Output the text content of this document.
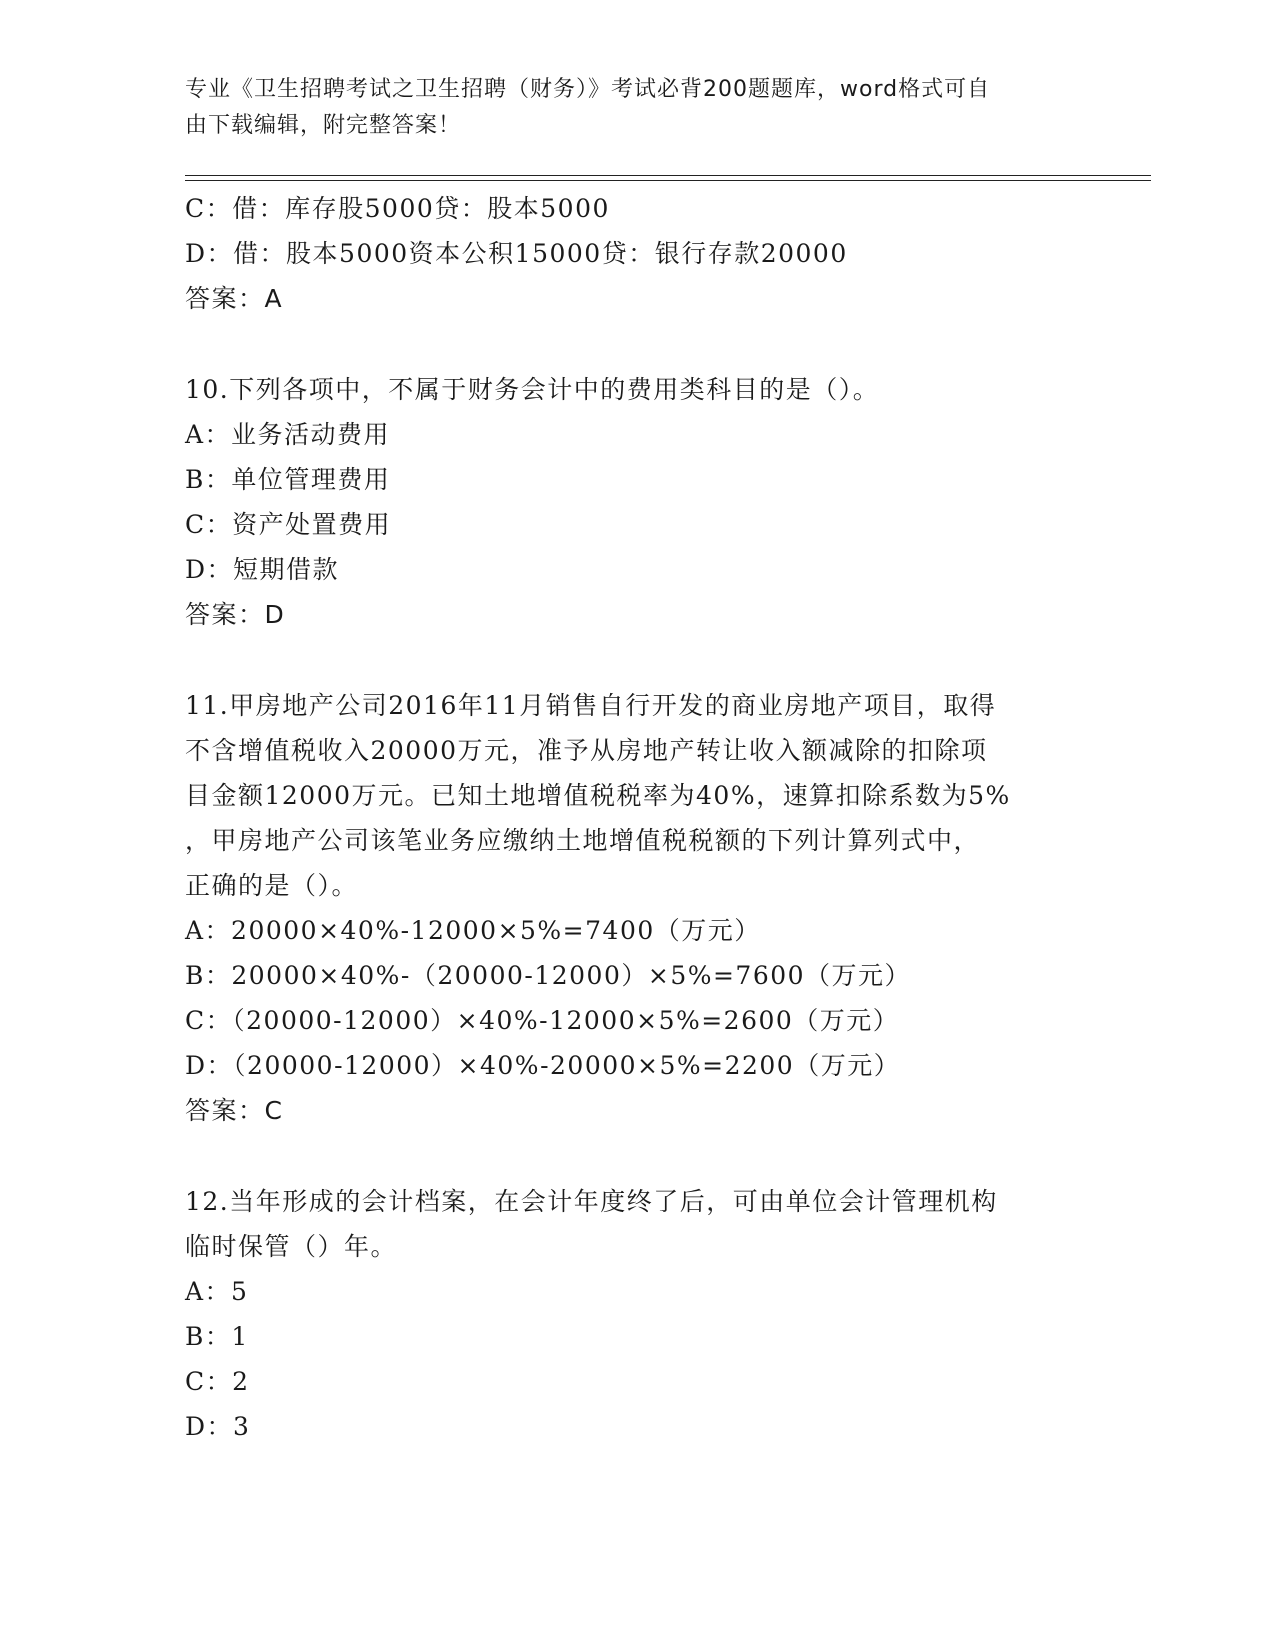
专业《卫生招聘考试之卫生招聘（财务）》考试必背200题题库，word格式可自
由下载编辑，附完整答案！
C：借：库存股5000贷：股本5000
D：借：股本5000资本公积15000贷：银行存款20000
答案：A
10.下列各项中，不属于财务会计中的费用类科目的是（）。
A：业务活动费用
B：单位管理费用
C：资产处置费用
D：短期借款
答案：D
11.甲房地产公司2016年11月销售自行开发的商业房地产项目，取得
不含增值税收入20000万元，准予从房地产转让收入额减除的扣除项
目金额12000万元。已知土地增值税税率为40%，速算扣除系数为5%
，甲房地产公司该笔业务应缴纳土地增值税税额的下列计算列式中，
正确的是（）。
A：20000×40%-12000×5%=7400（万元）
B：20000×40%-（20000-12000）×5%=7600（万元）
C：（20000-12000）×40%-12000×5%=2600（万元）
D：（20000-12000）×40%-20000×5%=2200（万元）
答案：C
12.当年形成的会计档案，在会计年度终了后，可由单位会计管理机构
临时保管（）年。
A：5
B：1
C：2
D：3
